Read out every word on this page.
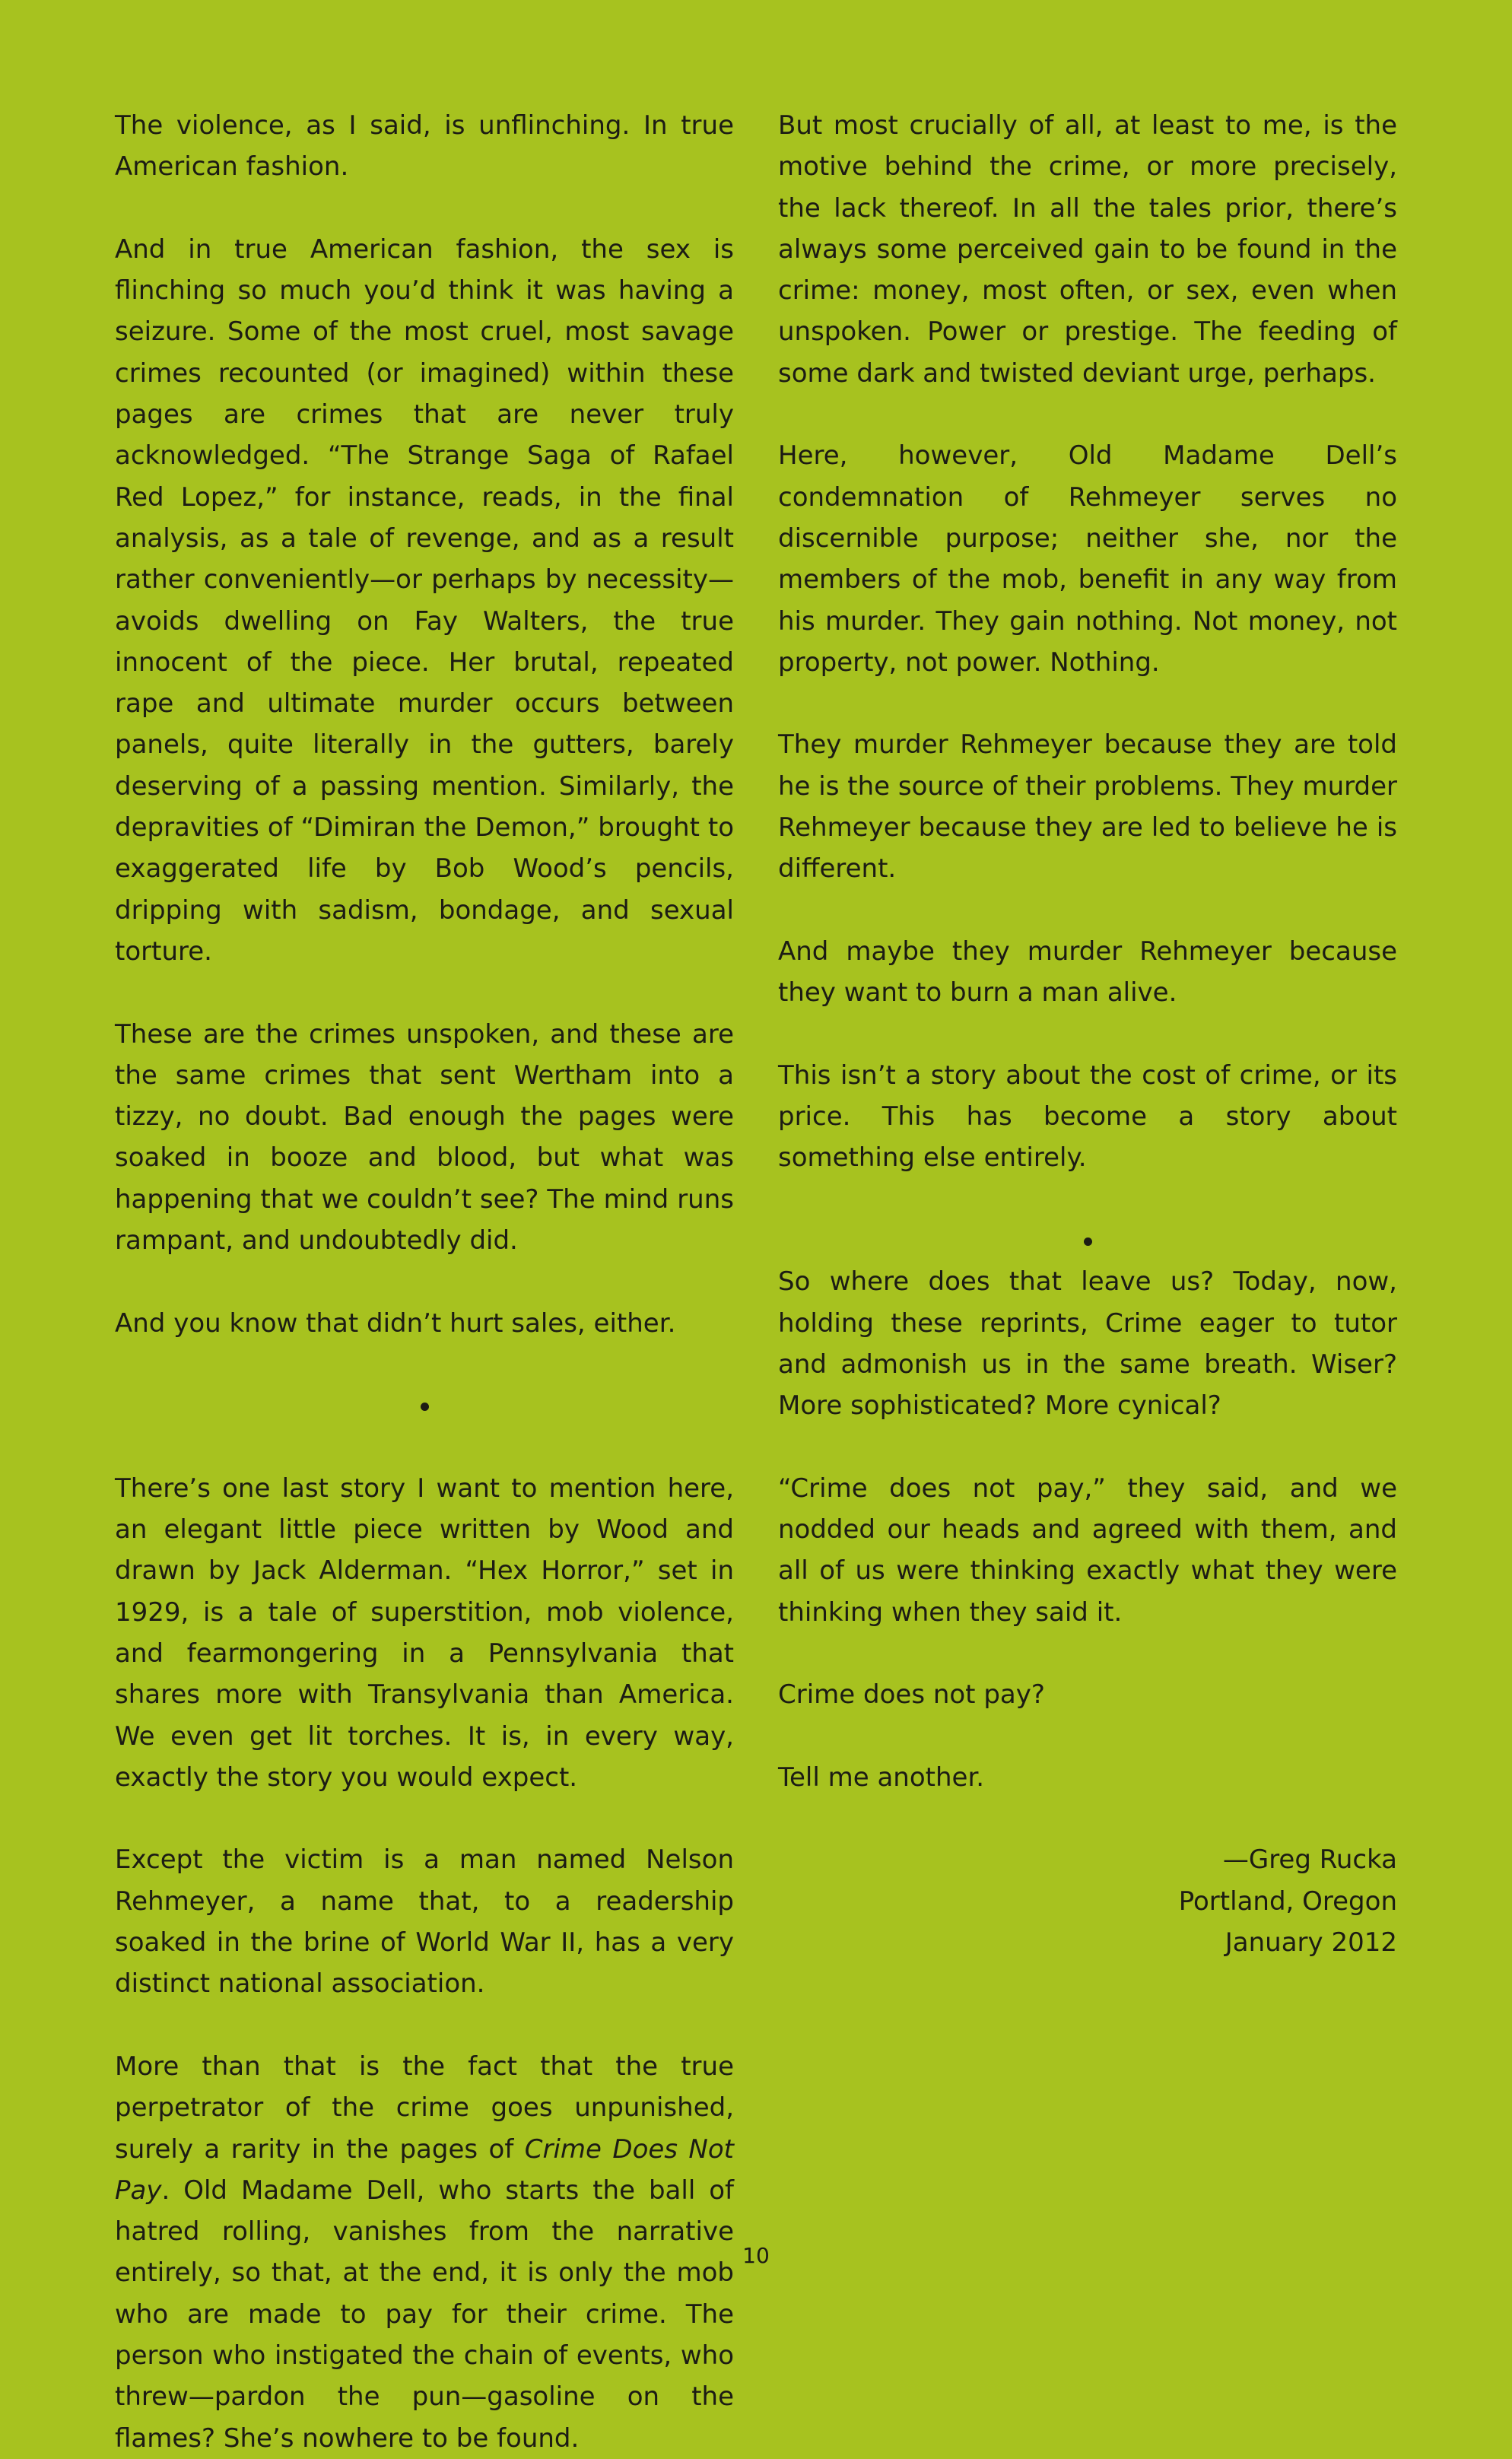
The violence, as I said, is unflinching. In true American fashion.

And in true American fashion, the sex is flinching so much you’d think it was having a seizure. Some of the most cruel, most savage crimes recounted (or imagined) within these pages are crimes that are never truly acknowledged. “The Strange Saga of Rafael Red Lopez,” for instance, reads, in the final analysis, as a tale of revenge, and as a result rather conveniently—or perhaps by necessity—avoids dwelling on Fay Walters, the true innocent of the piece. Her brutal, repeated rape and ultimate murder occurs between panels, quite literally in the gutters, barely deserving of a passing mention. Similarly, the depravities of “Dimiran the Demon,” brought to exaggerated life by Bob Wood’s pencils, dripping with sadism, bondage, and sexual torture.

These are the crimes unspoken, and these are the same crimes that sent Wertham into a tizzy, no doubt. Bad enough the pages were soaked in booze and blood, but what was happening that we couldn’t see? The mind runs rampant, and undoubtedly did.

And you know that didn’t hurt sales, either.

There’s one last story I want to mention here, an elegant little piece written by Wood and drawn by Jack Alderman. “Hex Horror,” set in 1929, is a tale of superstition, mob violence, and fearmongering in a Pennsylvania that shares more with Transylvania than America. We even get lit torches. It is, in every way, exactly the story you would expect.

Except the victim is a man named Nelson Rehmeyer, a name that, to a readership soaked in the brine of World War II, has a very distinct national association.

More than that is the fact that the true perpetrator of the crime goes unpunished, surely a rarity in the pages of Crime Does Not Pay. Old Madame Dell, who starts the ball of hatred rolling, vanishes from the narrative entirely, so that, at the end, it is only the mob who are made to pay for their crime. The person who instigated the chain of events, who threw—pardon the pun—gasoline on the flames? She’s nowhere to be found.

But most crucially of all, at least to me, is the motive behind the crime, or more precisely, the lack thereof. In all the tales prior, there’s always some perceived gain to be found in the crime: money, most often, or sex, even when unspoken. Power or prestige. The feeding of some dark and twisted deviant urge, perhaps.

Here, however, Old Madame Dell’s condemnation of Rehmeyer serves no discernible purpose; neither she, nor the members of the mob, benefit in any way from his murder. They gain nothing. Not money, not property, not power. Nothing.

They murder Rehmeyer because they are told he is the source of their problems. They murder Rehmeyer because they are led to believe he is different.

And maybe they murder Rehmeyer because they want to burn a man alive.

This isn’t a story about the cost of crime, or its price. This has become a story about something else entirely.

So where does that leave us? Today, now, holding these reprints, Crime eager to tutor and admonish us in the same breath. Wiser? More sophisticated? More cynical?

“Crime does not pay,” they said, and we nodded our heads and agreed with them, and all of us were thinking exactly what they were thinking when they said it.

Crime does not pay?

Tell me another.

—Greg Rucka

Portland, Oregon

January 2012

10
